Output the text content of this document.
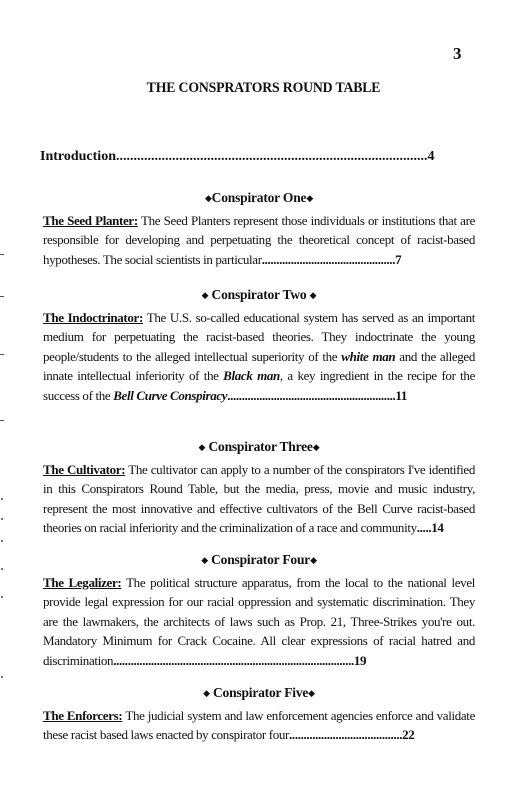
3
THE CONSPRATORS ROUND TABLE
Introduction.........................................................................................4
◆Conspirator One◆
The Seed Planter: The Seed Planters represent those individuals or institutions that are responsible for developing and perpetuating the theoretical concept of racist-based hypotheses. The social scientists in particular..............................................7
◆ Conspirator Two ◆
The Indoctrinator: The U.S. so-called educational system has served as an important medium for perpetuating the racist-based theories. They indoctrinate the young people/students to the alleged intellectual superiority of the white man and the alleged innate intellectual inferiority of the Black man, a key ingredient in the recipe for the success of the Bell Curve Conspiracy..........................................................11
◆ Conspirator Three◆
The Cultivator: The cultivator can apply to a number of the conspirators I've identified in this Conspirators Round Table, but the media, press, movie and music industry, represent the most innovative and effective cultivators of the Bell Curve racist-based theories on racial inferiority and the criminalization of a race and community.....14
◆ Conspirator Four◆
The Legalizer: The political structure apparatus, from the local to the national level provide legal expression for our racial oppression and systematic discrimination. They are the lawmakers, the architects of laws such as Prop. 21, Three-Strikes you're out. Mandatory Minimum for Crack Cocaine. All clear expressions of racial hatred and discrimination...................................................................................19
◆ Conspirator Five◆
The Enforcers: The judicial system and law enforcement agencies enforce and validate these racist based laws enacted by conspirator four.......................................22
